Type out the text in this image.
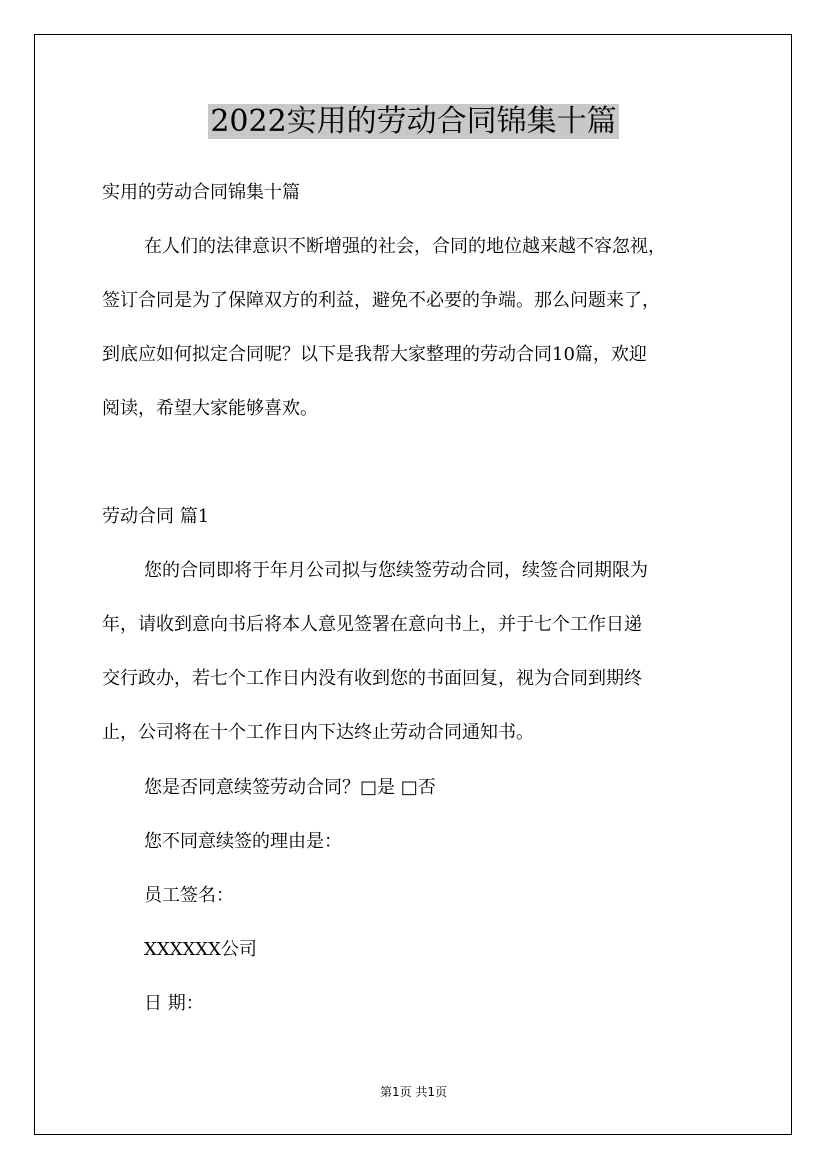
2022实用的劳动合同锦集十篇
实用的劳动合同锦集十篇
在人们的法律意识不断增强的社会，合同的地位越来越不容忽视，
签订合同是为了保障双方的利益，避免不必要的争端。那么问题来了，
到底应如何拟定合同呢？以下是我帮大家整理的劳动合同10篇，欢迎
阅读，希望大家能够喜欢。
劳动合同 篇1
您的合同即将于年月公司拟与您续签劳动合同，续签合同期限为
年，请收到意向书后将本人意见签署在意向书上，并于七个工作日递
交行政办，若七个工作日内没有收到您的书面回复，视为合同到期终
止，公司将在十个工作日内下达终止劳动合同通知书。
您是否同意续签劳动合同？□是 □否
您不同意续签的理由是：
员工签名：
XXXXXX公司
日 期：
第1页 共1页
